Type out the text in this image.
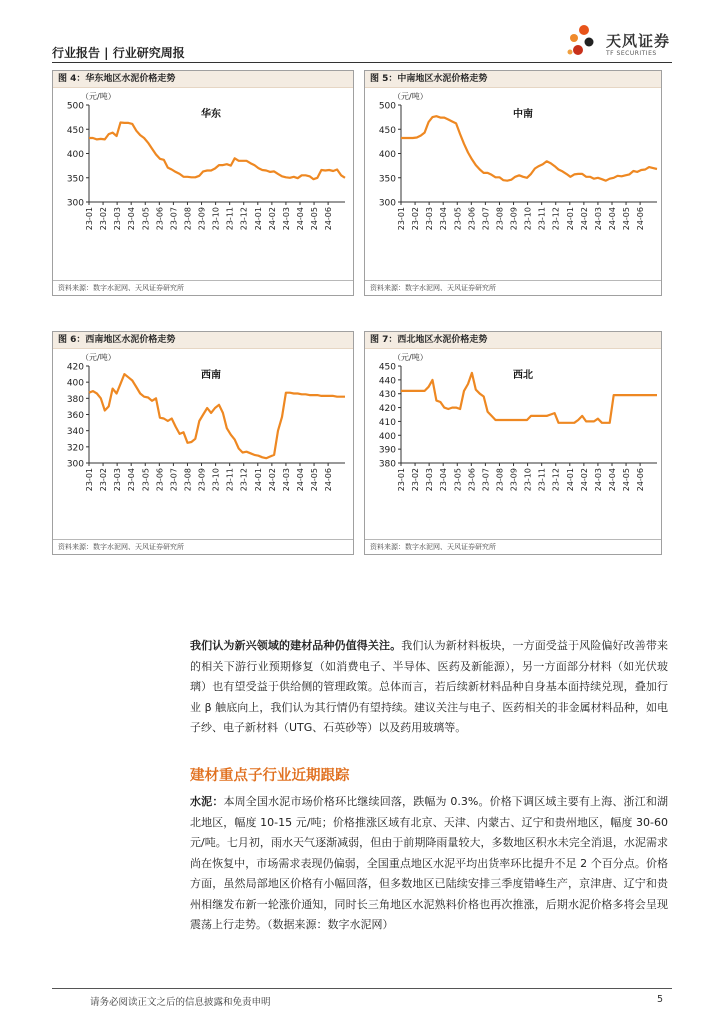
行业报告 | 行业研究周报
天风证券
TF SECURITIES
图 4：华东地区水泥价格走势
（元/吨）
华东
300
350
400
450
500
23-01 23-02 23-03 23-04 23-05 23-06 23-07 23-08 23-09 23-10 23-11 23-12 24-01 24-02 24-03 24-04 24-05 24-06
资料来源：数字水泥网、天风证券研究所
图 5：中南地区水泥价格走势
（元/吨）
中南
300
350
400
450
500
23-01 23-02 23-03 23-04 23-05 23-06 23-07 23-08 23-09 23-10 23-11 23-12 24-01 24-02 24-03 24-04 24-05 24-06
资料来源：数字水泥网、天风证券研究所
图 6：西南地区水泥价格走势
（元/吨）
西南
300
320
340
360
380
400
420
23-01 23-02 23-03 23-04 23-05 23-06 23-07 23-08 23-09 23-10 23-11 23-12 24-01 24-02 24-03 24-04 24-05 24-06
资料来源：数字水泥网、天风证券研究所
图 7：西北地区水泥价格走势
（元/吨）
西北
380
390
400
410
420
430
440
450
23-01 23-02 23-03 23-04 23-05 23-06 23-07 23-08 23-09 23-10 23-11 23-12 24-01 24-02 24-03 24-04 24-05 24-06
资料来源：数字水泥网、天风证券研究所
我们认为新兴领域的建材品种仍值得关注。我们认为新材料板块，一方面受益于风险偏好改善带来的相关下游行业预期修复（如消费电子、半导体、医药及新能源），另一方面部分材料（如光伏玻璃）也有望受益于供给侧的管理政策。总体而言，若后续新材料品种自身基本面持续兑现，叠加行业 β 触底向上，我们认为其行情仍有望持续。建议关注与电子、医药相关的非金属材料品种，如电子纱、电子新材料（UTG、石英砂等）以及药用玻璃等。
建材重点子行业近期跟踪
水泥：本周全国水泥市场价格环比继续回落，跌幅为 0.3%。价格下调区域主要有上海、浙江和湖北地区，幅度 10-15 元/吨；价格推涨区域有北京、天津、内蒙古、辽宁和贵州地区，幅度 30-60 元/吨。七月初，雨水天气逐渐减弱，但由于前期降雨量较大，多数地区积水未完全消退，水泥需求尚在恢复中，市场需求表现仍偏弱，全国重点地区水泥平均出货率环比提升不足 2 个百分点。价格方面，虽然局部地区价格有小幅回落，但多数地区已陆续安排三季度错峰生产，京津唐、辽宁和贵州相继发布新一轮涨价通知，同时长三角地区水泥熟料价格也再次推涨，后期水泥价格多将会呈现震荡上行走势。（数据来源：数字水泥网）
请务必阅读正文之后的信息披露和免责申明	5
